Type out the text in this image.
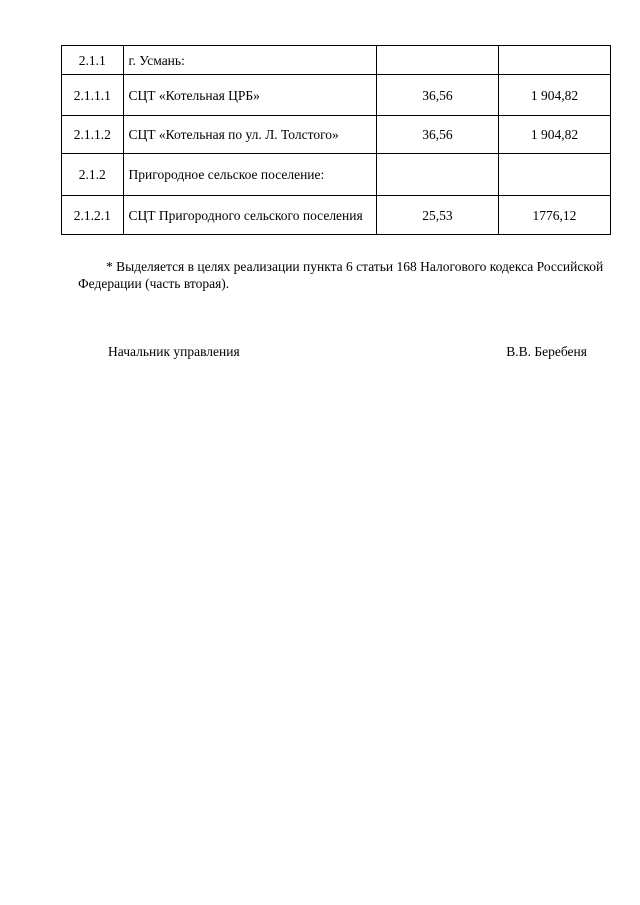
2.1.1	г. Усмань:		
2.1.1.1	СЦТ «Котельная ЦРБ»	36,56	1 904,82
2.1.1.2	СЦТ «Котельная по ул. Л. Толстого»	36,56	1 904,82
2.1.2	Пригородное сельское поселение:		
2.1.2.1	СЦТ Пригородного сельского поселения	25,53	1776,12
* Выделяется в целях реализации пункта 6 статьи 168 Налогового кодекса Российской Федерации (часть вторая).
Начальник управления	В.В. Беребеня
